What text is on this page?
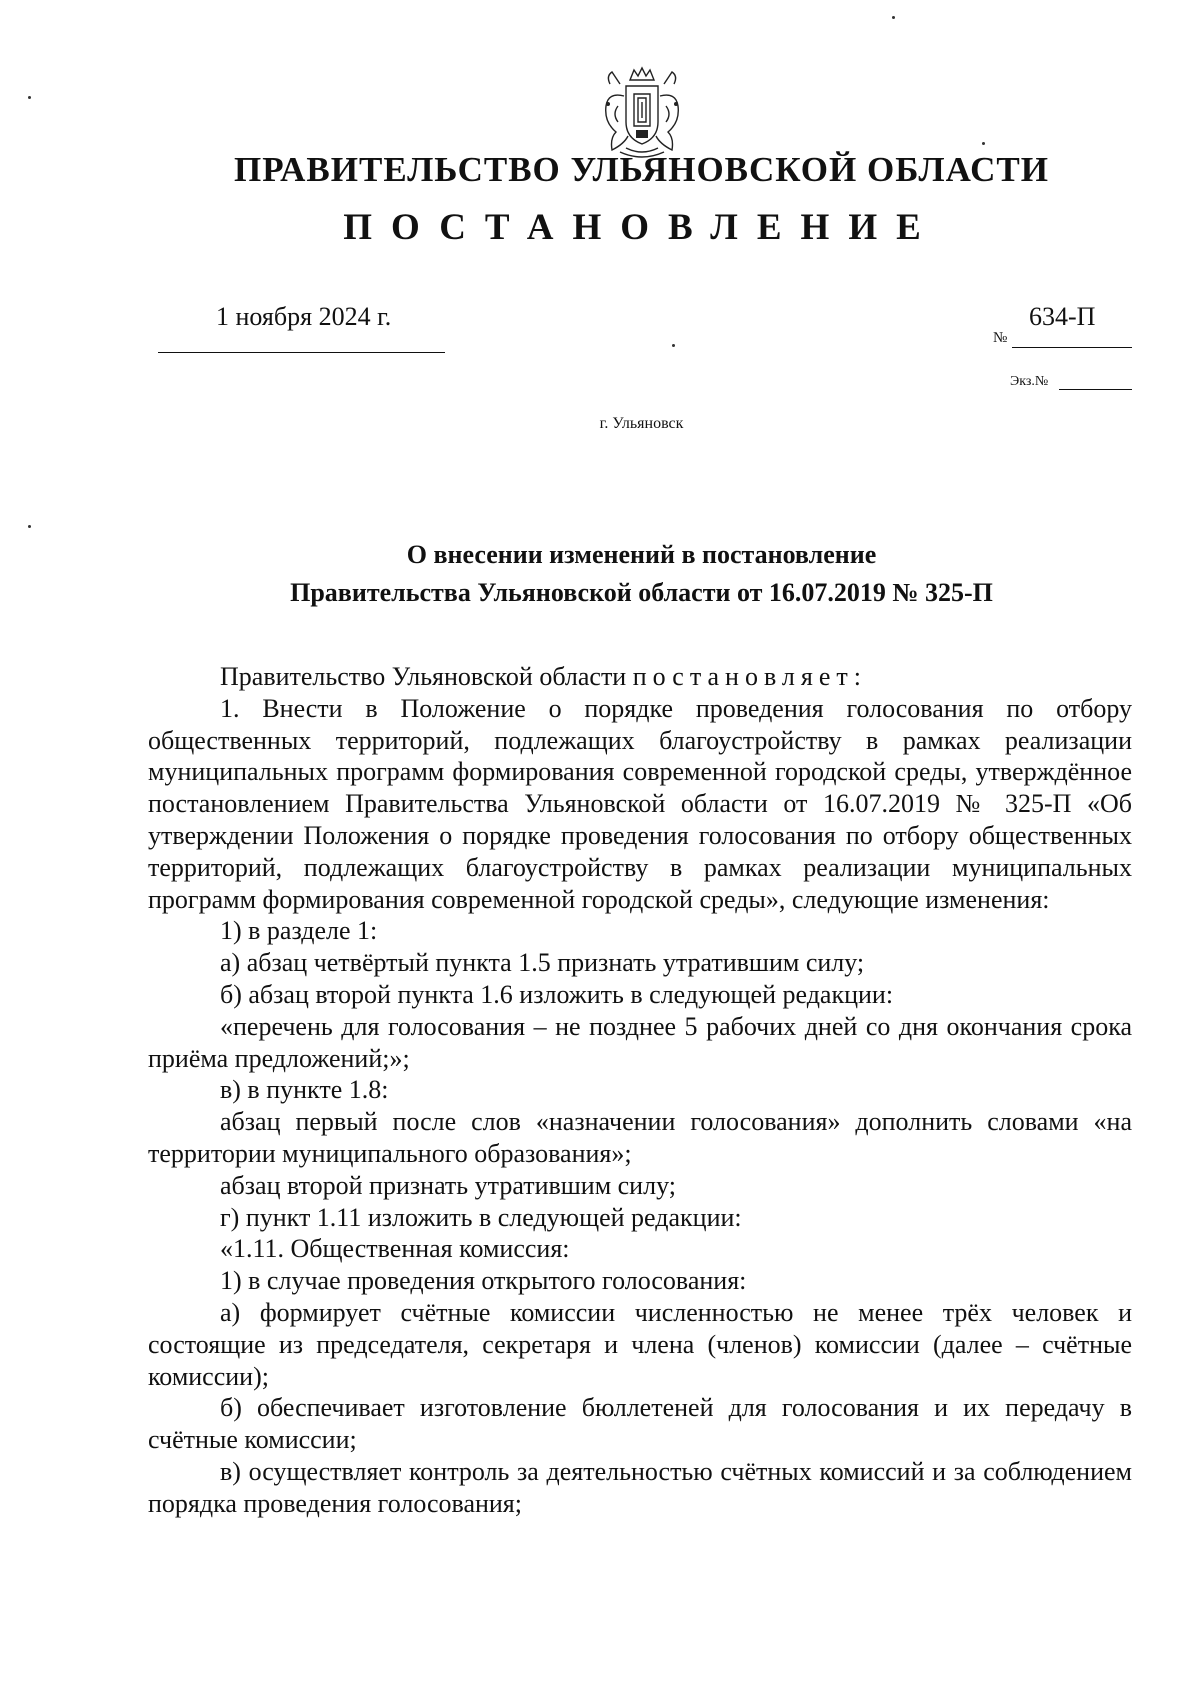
ПРАВИТЕЛЬСТВО УЛЬЯНОВСКОЙ ОБЛАСТИ
ПОСТАНОВЛЕНИЕ
1 ноября 2024 г.
№
634-П
Экз.№
г. Ульяновск
О внесении изменений в постановление
Правительства Ульяновской области от 16.07.2019 № 325-П

Правительство Ульяновской области постановляет:

1. Внести в Положение о порядке проведения голосования по отбору общественных территорий, подлежащих благоустройству в рамках реализации муниципальных программ формирования современной городской среды, утверждённое постановлением Правительства Ульяновской области от 16.07.2019 № 325-П «Об утверждении Положения о порядке проведения голосования по отбору общественных территорий, подлежащих благоустройству в рамках реализации муниципальных программ формирования современной городской среды», следующие изменения:

1) в разделе 1:

а) абзац четвёртый пункта 1.5 признать утратившим силу;

б) абзац второй пункта 1.6 изложить в следующей редакции:

«перечень для голосования – не позднее 5 рабочих дней со дня окончания срока приёма предложений;»;

в) в пункте 1.8:

абзац первый после слов «назначении голосования» дополнить словами «на территории муниципального образования»;

абзац второй признать утратившим силу;

г) пункт 1.11 изложить в следующей редакции:

«1.11. Общественная комиссия:

1) в случае проведения открытого голосования:

а) формирует счётные комиссии численностью не менее трёх человек и состоящие из председателя, секретаря и члена (членов) комиссии (далее – счётные комиссии);

б) обеспечивает изготовление бюллетеней для голосования и их передачу в счётные комиссии;

в) осуществляет контроль за деятельностью счётных комиссий и за соблюдением порядка проведения голосования;
